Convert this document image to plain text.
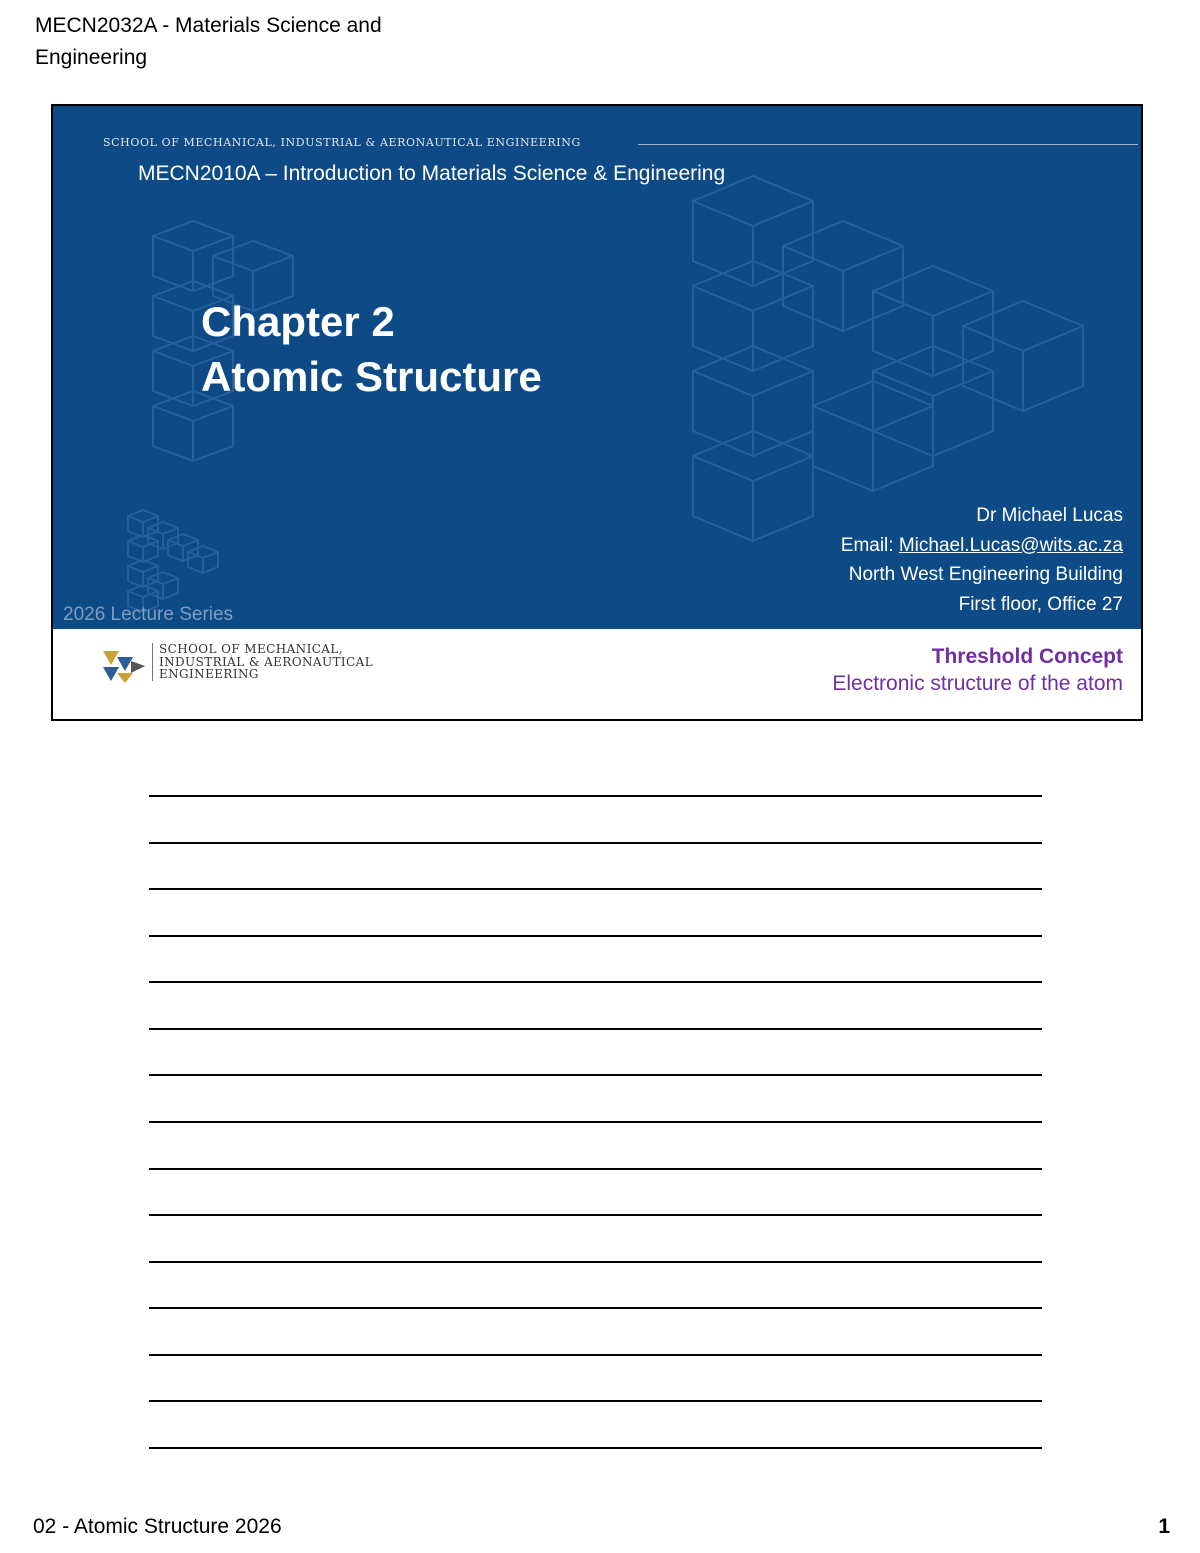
MECN2032A - Materials Science and Engineering
SCHOOL OF MECHANICAL, INDUSTRIAL & AERONAUTICAL ENGINEERING
MECN2010A – Introduction to Materials Science & Engineering
Chapter 2
Atomic Structure
2026 Lecture Series
Dr Michael Lucas
Email: Michael.Lucas@wits.ac.za
North West Engineering Building
First floor, Office 27
SCHOOL OF MECHANICAL,
INDUSTRIAL & AERONAUTICAL
ENGINEERING
Threshold Concept
Electronic structure of the atom
02 - Atomic Structure 2026	1
